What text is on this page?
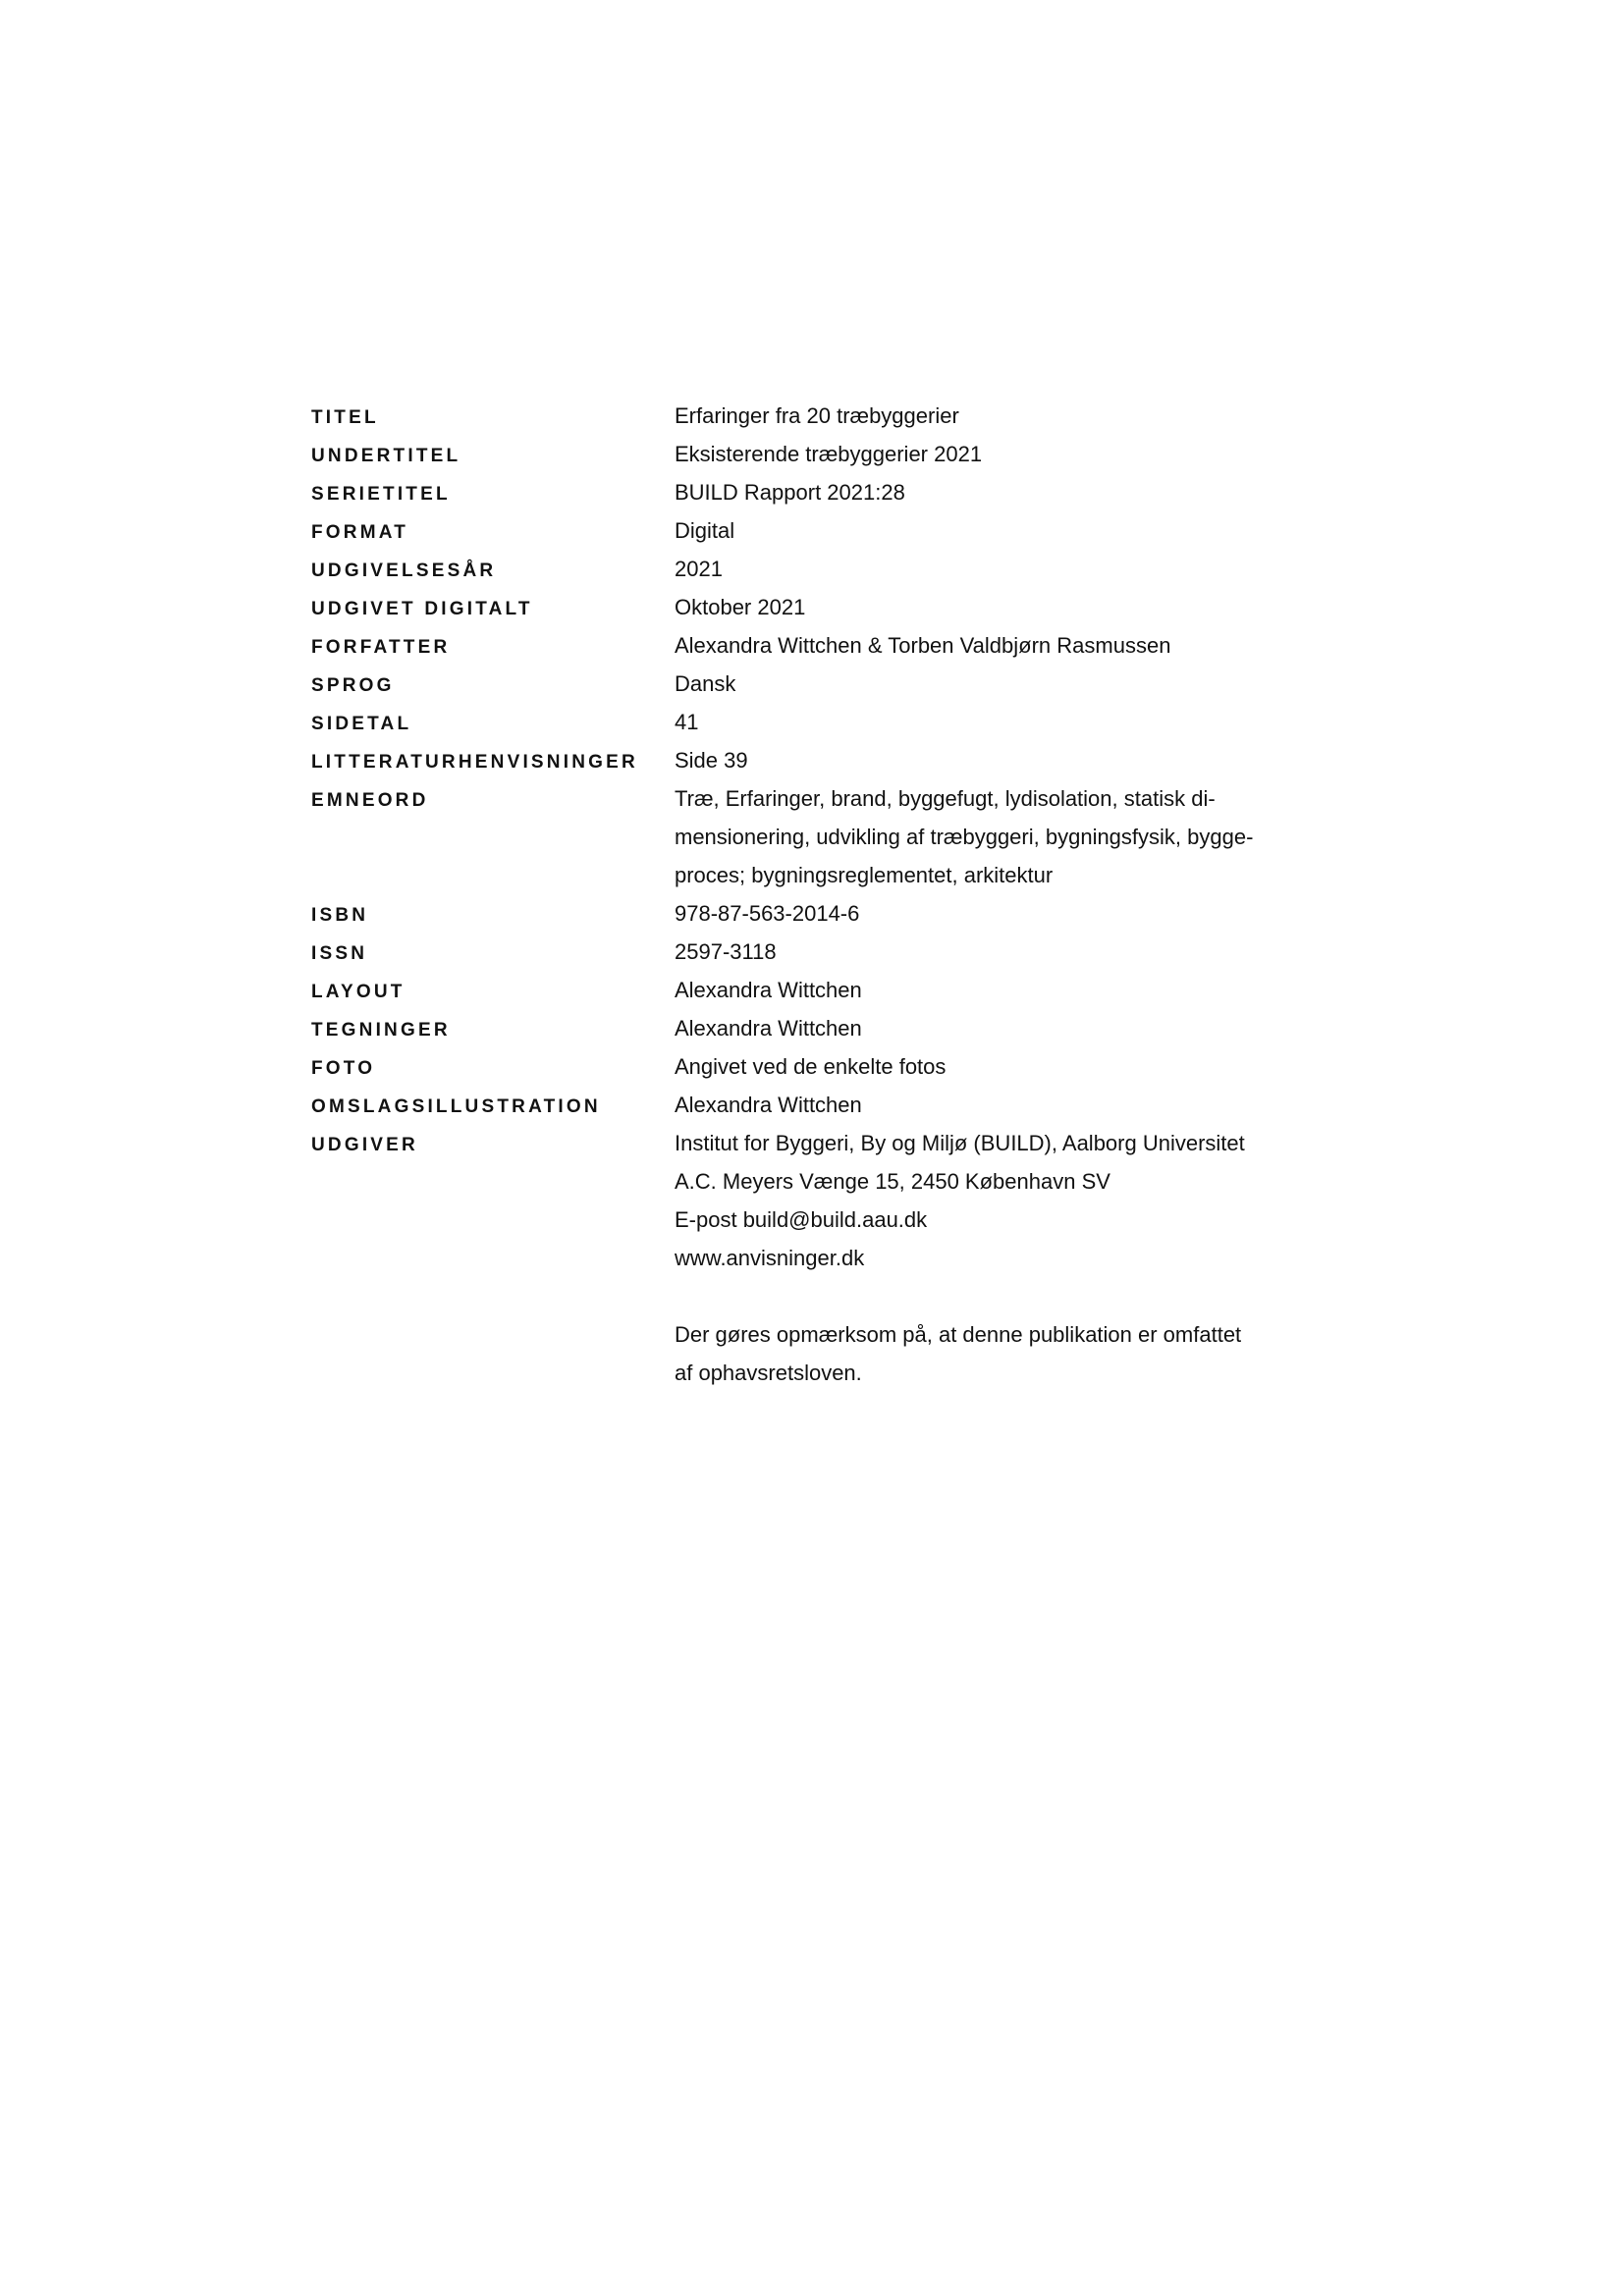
TITEL	Erfaringer fra 20 træbyggerier
UNDERTITEL	Eksisterende træbyggerier 2021
SERIETITEL	BUILD Rapport 2021:28
FORMAT	Digital
UDGIVELSESÅR	2021
UDGIVET DIGITALT	Oktober 2021
FORFATTER	Alexandra Wittchen & Torben Valdbjørn Rasmussen
SPROG	Dansk
SIDETAL	41
LITTERATURHENVISNINGER	Side 39
EMNEORD	Træ, Erfaringer, brand, byggefugt, lydisolation, statisk di-
mensionering, udvikling af træbyggeri, bygningsfysik, bygge-
proces; bygningsreglementet, arkitektur
ISBN	978-87-563-2014-6
ISSN	2597-3118
LAYOUT	Alexandra Wittchen
TEGNINGER	Alexandra Wittchen
FOTO	Angivet ved de enkelte fotos
OMSLAGSILLUSTRATION	Alexandra Wittchen
UDGIVER	Institut for Byggeri, By og Miljø (BUILD), Aalborg Universitet
A.C. Meyers Vænge 15, 2450 København SV
E-post build@build.aau.dk
www.anvisninger.dk
Der gøres opmærksom på, at denne publikation er omfattet
af ophavsretsloven.
